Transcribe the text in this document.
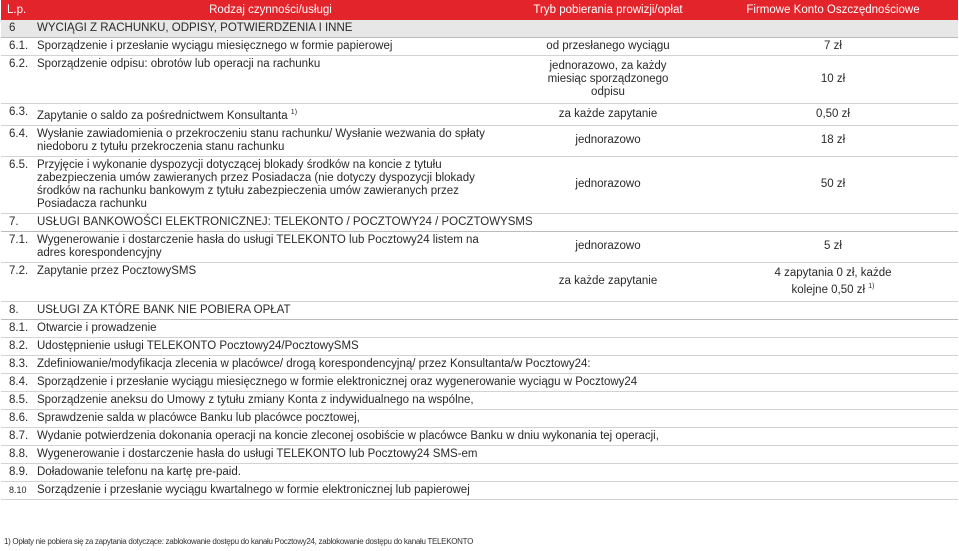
L.p.	Rodzaj czynności/usługi	Tryb pobierania prowizji/opłat	Firmowe Konto Oszczędnościowe
6	WYCIĄGI Z RACHUNKU, ODPISY, POTWIERDZENIA I INNE		
6.1.	Sporządzenie i przesłanie wyciągu miesięcznego w formie papierowej	od przesłanego wyciągu	7 zł
6.2.	Sporządzenie odpisu: obrotów lub operacji na rachunku	jednorazowo, za każdy miesiąc sporządzonego odpisu	10 zł
6.3.	Zapytanie o saldo za pośrednictwem Konsultanta $^{1)}$	za każde zapytanie	0,50 zł
6.4.	Wysłanie zawiadomienia o przekroczeniu stanu rachunku/ Wysłanie wezwania do spłaty niedoboru z tytułu przekroczenia stanu rachunku	jednorazowo	18 zł
6.5.	Przyjęcie i wykonanie dyspozycji dotyczącej blokady środków na koncie z tytułu zabezpieczenia umów zawieranych przez Posiadacza (nie dotyczy dyspozycji blokady środków na rachunku bankowym z tytułu zabezpieczenia umów zawieranych przez Posiadacza rachunku	jednorazowo	50 zł
7.	USŁUGI BANKOWOŚCI ELEKTRONICZNEJ: TELEKONTO / POCZTOWY24 / POCZTOWYSMS		
7.1.	Wygenerowanie i dostarczenie hasła do usługi TELEKONTO lub Pocztowy24 listem na adres korespondencyjny	jednorazowo	5 zł
7.2.	Zapytanie przez PocztowySMS	za każde zapytanie	4 zapytania 0 zł, każde kolejne 0,50 zł $^{1)}$
8.	USŁUGI ZA KTÓRE BANK NIE POBIERA OPŁAT		
8.1.	Otwarcie i prowadzenie		
8.2.	Udostępnienie usługi TELEKONTO Pocztowy24/PocztowySMS		
8.3.	Zdefiniowanie/modyfikacja zlecenia w placówce/ drogą korespondencyjną/ przez Konsultanta/w Pocztowy24:		
8.4.	Sporządzenie i przesłanie wyciągu miesięcznego w formie elektronicznej oraz wygenerowanie wyciągu w Pocztowy24		
8.5.	Sporządzenie aneksu do Umowy z tytułu zmiany Konta z indywidualnego na wspólne,		
8.6.	Sprawdzenie salda w placówce Banku lub placówce pocztowej,		
8.7.	Wydanie potwierdzenia dokonania operacji na koncie zleconej osobiście w placówce Banku w dniu wykonania tej operacji,		
8.8.	Wygenerowanie i dostarczenie hasła do usługi TELEKONTO lub Pocztowy24 SMS-em		
8.9.	Doładowanie telefonu na kartę pre-paid.		
8.10	Sorządzenie i przesłanie wyciągu kwartalnego w formie elektronicznej lub papierowej		
1) Opłaty nie pobiera się za zapytania dotyczące: zablokowanie dostępu do kanału Pocztowy24, zablokowanie dostępu do kanału TELEKONTO
